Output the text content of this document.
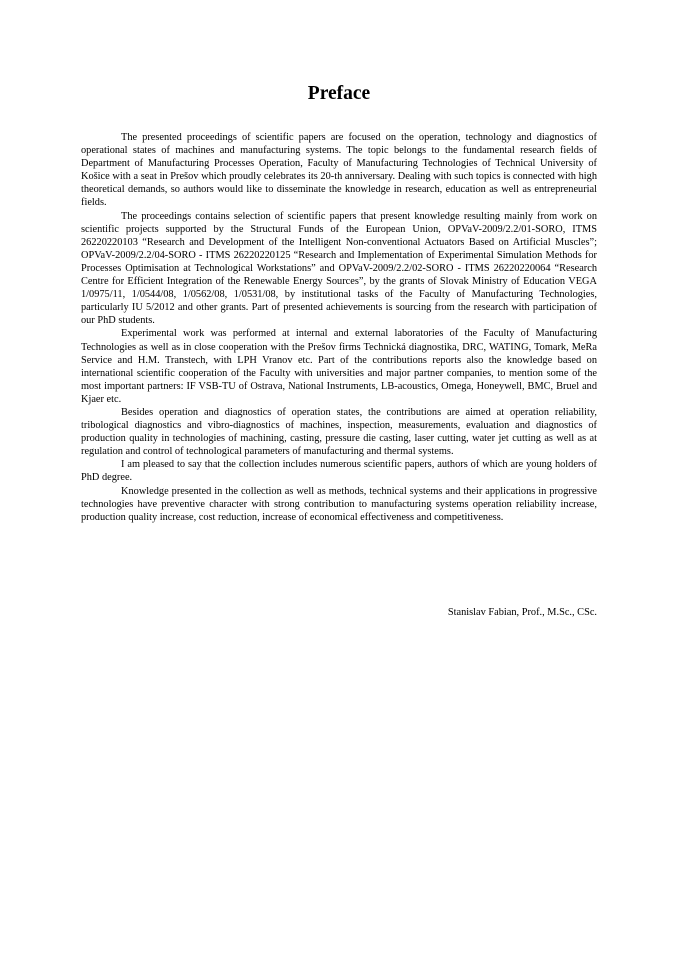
Preface

The presented proceedings of scientific papers are focused on the operation, technology and diagnostics of operational states of machines and manufacturing systems. The topic belongs to the fundamental research fields of Department of Manufacturing Processes Operation, Faculty of Manufacturing Technologies of Technical University of Košice with a seat in Prešov which proudly celebrates its 20-th anniversary. Dealing with such topics is connected with high theoretical demands, so authors would like to disseminate the knowledge in research, education as well as entrepreneurial fields.

The proceedings contains selection of scientific papers that present knowledge resulting mainly from work on scientific projects supported by the Structural Funds of the European Union, OPVaV-2009/2.2/01-SORO, ITMS 26220220103 “Research and Development of the Intelligent Non-conventional Actuators Based on Artificial Muscles”; OPVaV-2009/2.2/04-SORO - ITMS 26220220125 “Research and Implementation of Experimental Simulation Methods for Processes Optimisation at Technological Workstations” and OPVaV-2009/2.2/02-SORO - ITMS 26220220064 “Research Centre for Efficient Integration of the Renewable Energy Sources”, by the grants of Slovak Ministry of Education VEGA 1/0975/11, 1/0544/08, 1/0562/08, 1/0531/08, by institutional tasks of the Faculty of Manufacturing Technologies, particularly IU 5/2012 and other grants. Part of presented achievements is sourcing from the research with participation of our PhD students.

Experimental work was performed at internal and external laboratories of the Faculty of Manufacturing Technologies as well as in close cooperation with the Prešov firms Technická diagnostika, DRC, WATING, Tomark, MeRa Service and H.M. Transtech, with LPH Vranov etc. Part of the contributions reports also the knowledge based on international scientific cooperation of the Faculty with universities and major partner companies, to mention some of the most important partners: IF VSB-TU of Ostrava, National Instruments, LB-acoustics, Omega, Honeywell, BMC, Bruel and Kjaer etc.

Besides operation and diagnostics of operation states, the contributions are aimed at operation reliability, tribological diagnostics and vibro-diagnostics of machines, inspection, measurements, evaluation and diagnostics of production quality in technologies of machining, casting, pressure die casting, laser cutting, water jet cutting as well as at regulation and control of technological parameters of manufacturing and thermal systems.

I am pleased to say that the collection includes numerous scientific papers, authors of which are young holders of PhD degree.

Knowledge presented in the collection as well as methods, technical systems and their applications in progressive technologies have preventive character with strong contribution to manufacturing systems operation reliability increase, production quality increase, cost reduction, increase of economical effectiveness and competitiveness.

Stanislav Fabian, Prof., M.Sc., CSc.
